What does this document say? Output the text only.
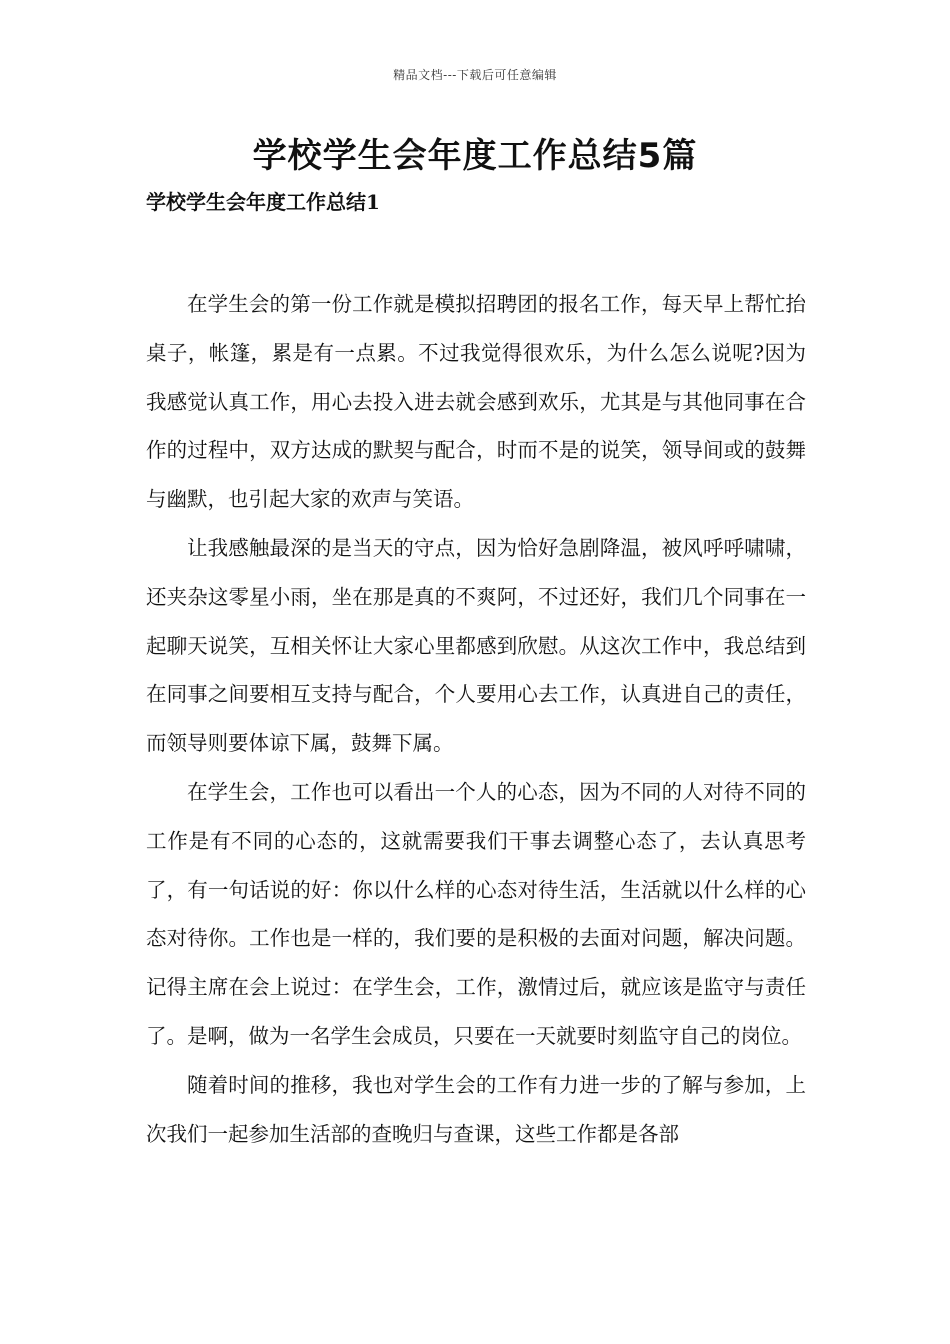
精品文档---下载后可任意编辑
学校学生会年度工作总结5篇
学校学生会年度工作总结1

在学生会的第一份工作就是模拟招聘团的报名工作，每天早上帮忙抬桌子，帐篷，累是有一点累。不过我觉得很欢乐，为什么怎么说呢?因为我感觉认真工作，用心去投入进去就会感到欢乐，尤其是与其他同事在合作的过程中，双方达成的默契与配合，时而不是的说笑，领导间或的鼓舞与幽默，也引起大家的欢声与笑语。

让我感触最深的是当天的守点，因为恰好急剧降温，被风呼呼啸啸，还夹杂这零星小雨，坐在那是真的不爽阿，不过还好，我们几个同事在一起聊天说笑，互相关怀让大家心里都感到欣慰。从这次工作中，我总结到在同事之间要相互支持与配合，个人要用心去工作，认真进自己的责任，而领导则要体谅下属，鼓舞下属。

在学生会，工作也可以看出一个人的心态，因为不同的人对待不同的工作是有不同的心态的，这就需要我们干事去调整心态了，去认真思考了，有一句话说的好：你以什么样的心态对待生活，生活就以什么样的心态对待你。工作也是一样的，我们要的是积极的去面对问题，解决问题。记得主席在会上说过：在学生会，工作，激情过后，就应该是监守与责任了。是啊，做为一名学生会成员，只要在一天就要时刻监守自己的岗位。

随着时间的推移，我也对学生会的工作有力进一步的了解与参加，上次我们一起参加生活部的查晚归与查课，这些工作都是各部
